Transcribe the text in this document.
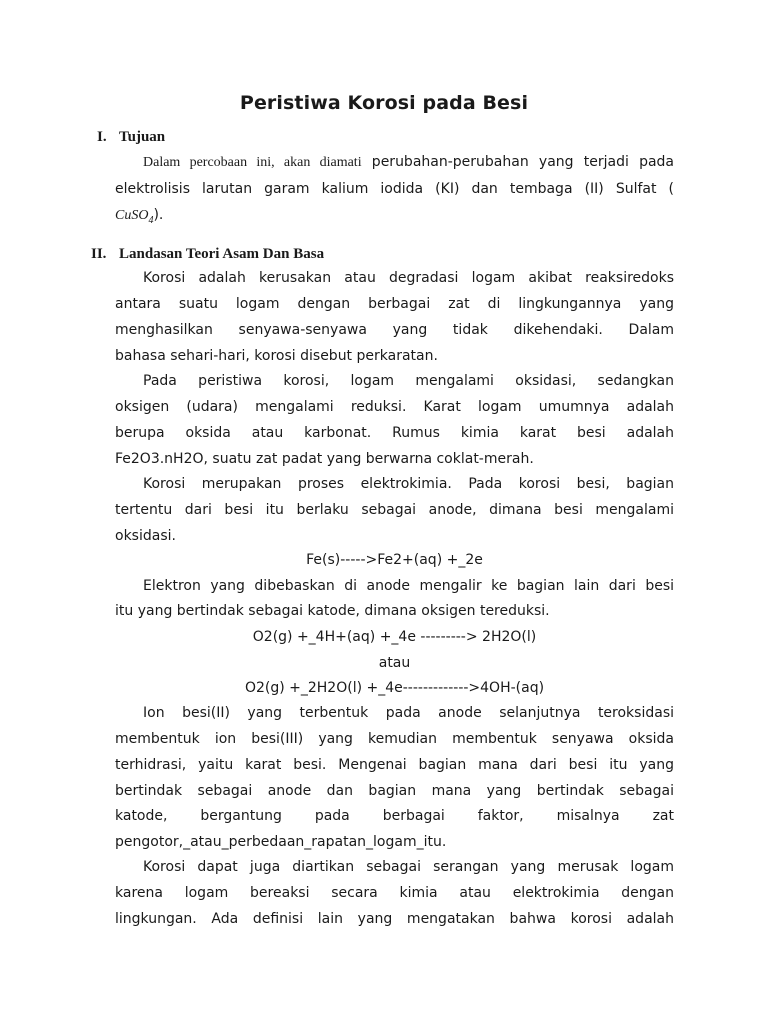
Peristiwa Korosi pada Besi
I. Tujuan
Dalam percobaan ini, akan diamati perubahan-perubahan yang terjadi pada
elektrolisis larutan garam kalium iodida (KI) dan tembaga (II) Sulfat (
CuSO$_4$).
II. Landasan Teori Asam Dan Basa
Korosi adalah kerusakan atau degradasi logam akibat reaksiredoks
antara suatu logam dengan berbagai zat di lingkungannya yang
menghasilkan senyawa-senyawa yang tidak dikehendaki. Dalam
bahasa sehari-hari, korosi disebut perkaratan.
Pada peristiwa korosi, logam mengalami oksidasi, sedangkan
oksigen (udara) mengalami reduksi. Karat logam umumnya adalah
berupa oksida atau karbonat. Rumus kimia karat besi adalah
Fe2O3.nH2O, suatu zat padat yang berwarna coklat-merah.
Korosi merupakan proses elektrokimia. Pada korosi besi, bagian
tertentu dari besi itu berlaku sebagai anode, dimana besi mengalami
oksidasi.
Fe(s)----->Fe2+(aq) +_2e
Elektron yang dibebaskan di anode mengalir ke bagian lain dari besi
itu yang bertindak sebagai katode, dimana oksigen tereduksi.
O2(g) +_4H+(aq) +_4e ---------> 2H2O(l)
atau
O2(g) +_2H2O(l) +_4e------------->4OH-(aq)
Ion besi(II) yang terbentuk pada anode selanjutnya teroksidasi
membentuk ion besi(III) yang kemudian membentuk senyawa oksida
terhidrasi, yaitu karat besi. Mengenai bagian mana dari besi itu yang
bertindak sebagai anode dan bagian mana yang bertindak sebagai
katode, bergantung pada berbagai faktor, misalnya zat
pengotor,_atau_perbedaan_rapatan_logam_itu.
Korosi dapat juga diartikan sebagai serangan yang merusak logam
karena logam bereaksi secara kimia atau elektrokimia dengan
lingkungan. Ada definisi lain yang mengatakan bahwa korosi adalah
